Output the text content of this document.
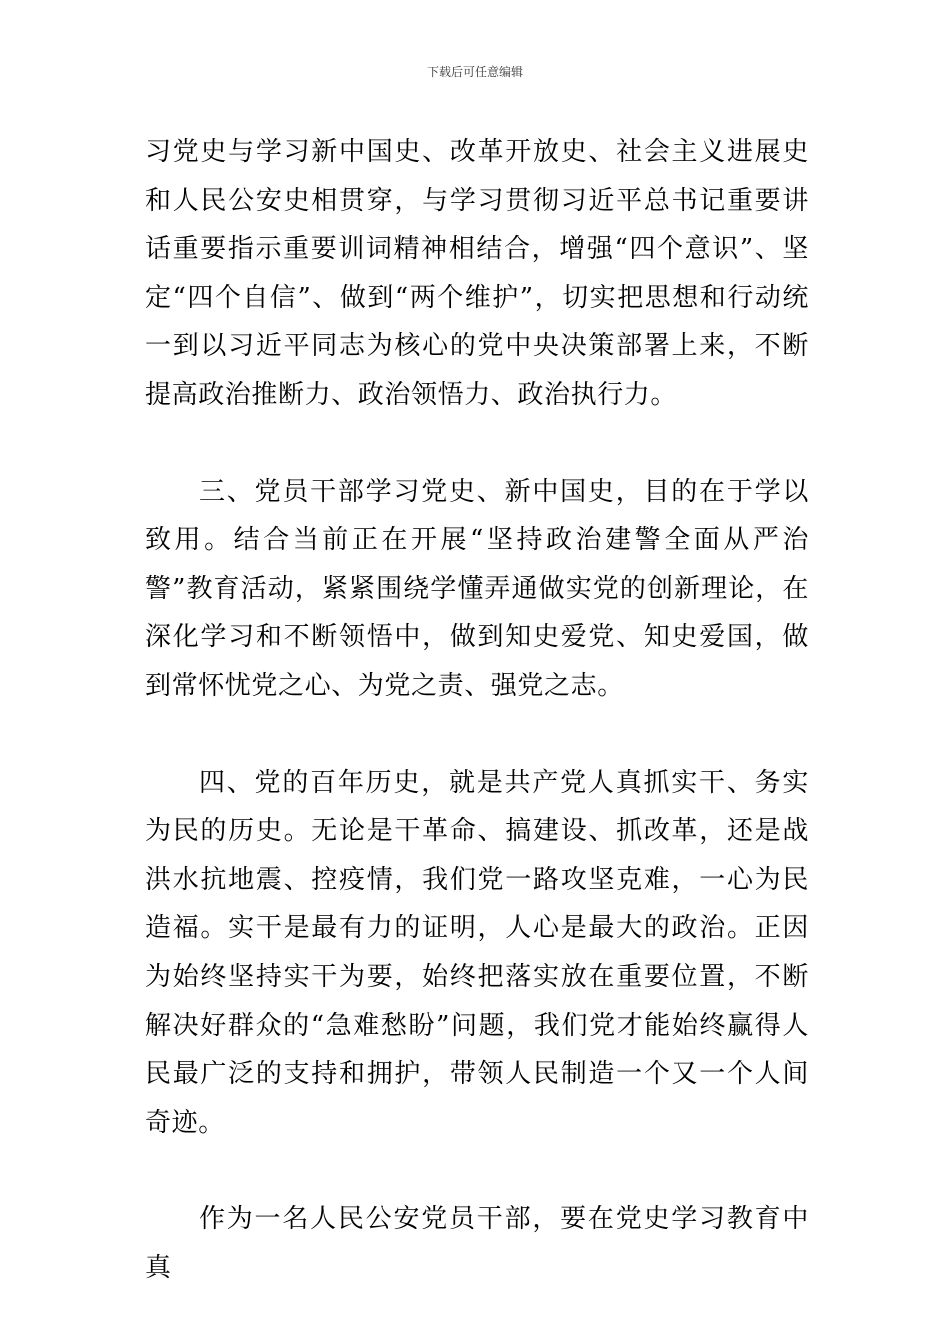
下载后可任意编辑

习党史与学习新中国史、改革开放史、社会主义进展史和人民公安史相贯穿，与学习贯彻习近平总书记重要讲话重要指示重要训词精神相结合，增强“四个意识”、坚定“四个自信”、做到“两个维护”，切实把思想和行动统一到以习近平同志为核心的党中央决策部署上来，不断提高政治推断力、政治领悟力、政治执行力。

三、党员干部学习党史、新中国史，目的在于学以致用。结合当前正在开展“坚持政治建警全面从严治警”教育活动，紧紧围绕学懂弄通做实党的创新理论，在深化学习和不断领悟中，做到知史爱党、知史爱国，做到常怀忧党之心、为党之责、强党之志。

四、党的百年历史，就是共产党人真抓实干、务实为民的历史。无论是干革命、搞建设、抓改革，还是战洪水抗地震、控疫情，我们党一路攻坚克难，一心为民造福。实干是最有力的证明，人心是最大的政治。正因为始终坚持实干为要，始终把落实放在重要位置，不断解决好群众的“急难愁盼”问题，我们党才能始终赢得人民最广泛的支持和拥护，带领人民制造一个又一个人间奇迹。

作为一名人民公安党员干部，要在党史学习教育中真
